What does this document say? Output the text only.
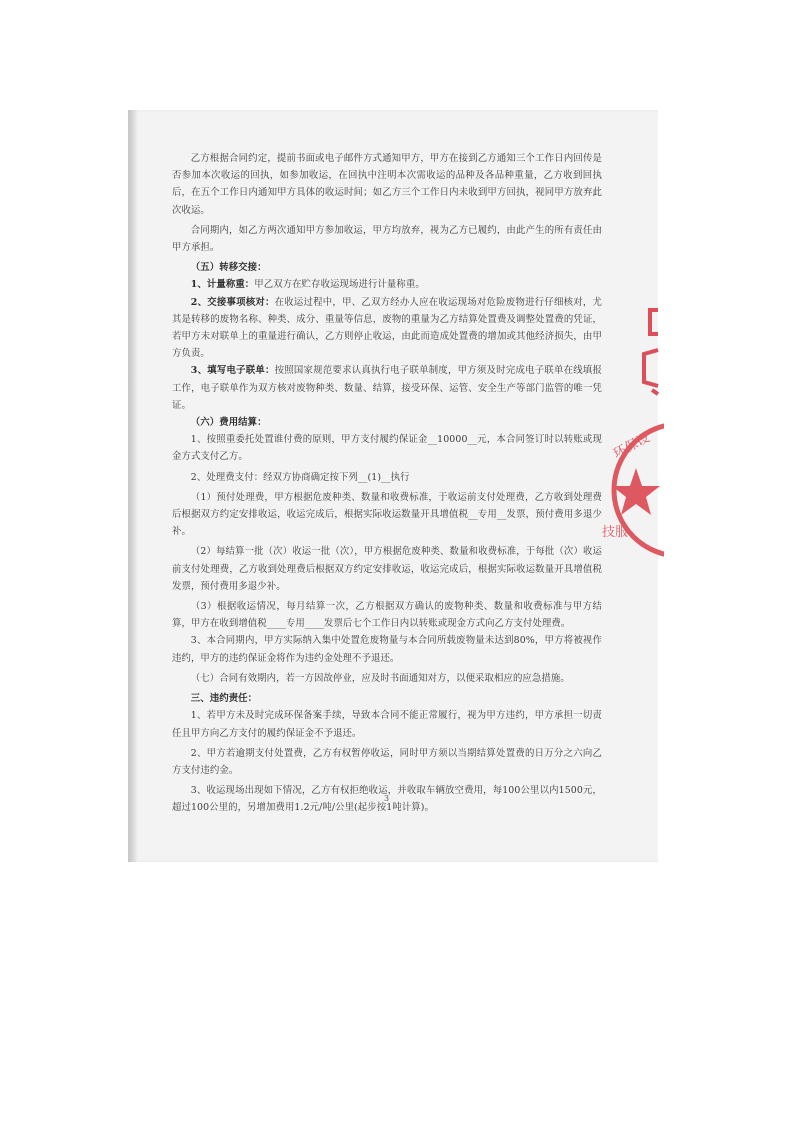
乙方根据合同约定，提前书面或电子邮件方式通知甲方，甲方在接到乙方通知三个工作日内回传是否参加本次收运的回执，如参加收运，在回执中注明本次需收运的品种及各品种重量，乙方收到回执后，在五个工作日内通知甲方具体的收运时间；如乙方三个工作日内未收到甲方回执，视同甲方放弃此次收运。

合同期内，如乙方两次通知甲方参加收运，甲方均放弃，视为乙方已履约，由此产生的所有责任由甲方承担。

（五）转移交接：

1、计量称重：甲乙双方在贮存收运现场进行计量称重。

2、交接事项核对：在收运过程中，甲、乙双方经办人应在收运现场对危险废物进行仔细核对，尤其是转移的废物名称、种类、成分、重量等信息，废物的重量为乙方结算处置费及调整处置费的凭证，若甲方未对联单上的重量进行确认，乙方则停止收运，由此而造成处置费的增加或其他经济损失，由甲方负责。

3、填写电子联单：按照国家规范要求认真执行电子联单制度，甲方须及时完成电子联单在线填报工作，电子联单作为双方核对废物种类、数量、结算，接受环保、运管、安全生产等部门监管的唯一凭证。

（六）费用结算：

1、按照重委托处置谁付费的原则，甲方支付履约保证金__10000__元，本合同签订时以转账或现金方式支付乙方。

2、处理费支付：经双方协商确定按下列__(1)__执行

（1）预付处理费，甲方根据危废种类、数量和收费标准，于收运前支付处理费，乙方收到处理费后根据双方约定安排收运，收运完成后，根据实际收运数量开具增值税__专用__发票，预付费用多退少补。

（2）每结算一批（次）收运一批（次），甲方根据危废种类、数量和收费标准，于每批（次）收运前支付处理费，乙方收到处理费后根据双方约定安排收运，收运完成后，根据实际收运数量开具增值税发票，预付费用多退少补。

（3）根据收运情况，每月结算一次，乙方根据双方确认的废物种类、数量和收费标准与甲方结算，甲方在收到增值税____专用____发票后七个工作日内以转账或现金方式向乙方支付处理费。

3、本合同期内，甲方实际纳入集中处置危废物量与本合同所载废物量未达到80%，甲方将被视作违约，甲方的违约保证金将作为违约金处理不予退还。

（七）合同有效期内，若一方因故停业，应及时书面通知对方，以便采取相应的应急措施。

三、违约责任：

1、若甲方未及时完成环保备案手续，导致本合同不能正常履行，视为甲方违约，甲方承担一切责任且甲方向乙方支付的履约保证金不予退还。

2、甲方若逾期支付处置费，乙方有权暂停收运，同时甲方须以当期结算处置费的日万分之六向乙方支付违约金。

3、收运现场出现如下情况，乙方有权拒绝收运，并收取车辆放空费用，每100公里以内1500元，超过100公里的，另增加费用1.2元/吨/公里(起步按1吨计算)。

3
环保设
技服
